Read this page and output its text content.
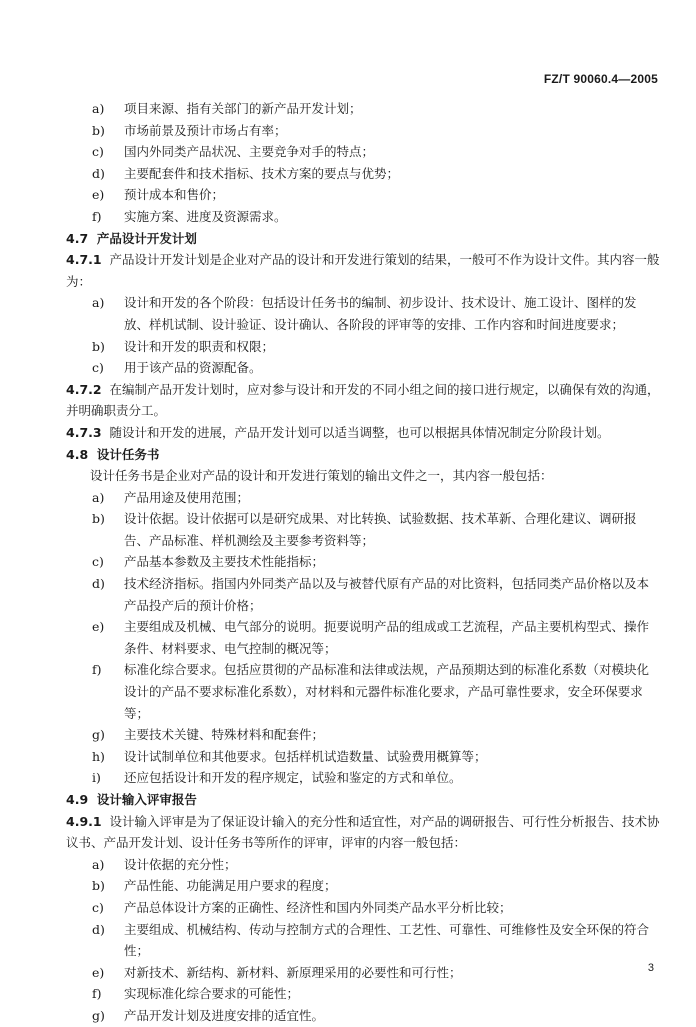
FZ/T 90060.4—2005
a) 项目来源、指有关部门的新产品开发计划；
b) 市场前景及预计市场占有率；
c) 国内外同类产品状况、主要竞争对手的特点；
d) 主要配套件和技术指标、技术方案的要点与优势；
e) 预计成本和售价；
f) 实施方案、进度及资源需求。
4.7 产品设计开发计划
4.7.1 产品设计开发计划是企业对产品的设计和开发进行策划的结果，一般可不作为设计文件。其内容一般为：
a) 设计和开发的各个阶段：包括设计任务书的编制、初步设计、技术设计、施工设计、图样的发放、样机试制、设计验证、设计确认、各阶段的评审等的安排、工作内容和时间进度要求；
b) 设计和开发的职责和权限；
c) 用于该产品的资源配备。
4.7.2 在编制产品开发计划时，应对参与设计和开发的不同小组之间的接口进行规定，以确保有效的沟通，并明确职责分工。
4.7.3 随设计和开发的进展，产品开发计划可以适当调整，也可以根据具体情况制定分阶段计划。
4.8 设计任务书
设计任务书是企业对产品的设计和开发进行策划的输出文件之一，其内容一般包括：
a) 产品用途及使用范围；
b) 设计依据。设计依据可以是研究成果、对比转换、试验数据、技术革新、合理化建议、调研报告、产品标准、样机测绘及主要参考资料等；
c) 产品基本参数及主要技术性能指标；
d) 技术经济指标。指国内外同类产品以及与被替代原有产品的对比资料，包括同类产品价格以及本产品投产后的预计价格；
e) 主要组成及机械、电气部分的说明。扼要说明产品的组成或工艺流程，产品主要机构型式、操作条件、材料要求、电气控制的概况等；
f) 标准化综合要求。包括应贯彻的产品标准和法律或法规，产品预期达到的标准化系数（对模块化设计的产品不要求标准化系数），对材料和元器件标准化要求，产品可靠性要求，安全环保要求等；
g) 主要技术关键、特殊材料和配套件；
h) 设计试制单位和其他要求。包括样机试造数量、试验费用概算等；
i) 还应包括设计和开发的程序规定，试验和鉴定的方式和单位。
4.9 设计输入评审报告
4.9.1 设计输入评审是为了保证设计输入的充分性和适宜性，对产品的调研报告、可行性分析报告、技术协议书、产品开发计划、设计任务书等所作的评审，评审的内容一般包括：
a) 设计依据的充分性；
b) 产品性能、功能满足用户要求的程度；
c) 产品总体设计方案的正确性、经济性和国内外同类产品水平分析比较；
d) 主要组成、机械结构、传动与控制方式的合理性、工艺性、可靠性、可维修性及安全环保的符合性；
e) 对新技术、新结构、新材料、新原理采用的必要性和可行性；
f) 实现标准化综合要求的可能性；
g) 产品开发计划及进度安排的适宜性。
3
